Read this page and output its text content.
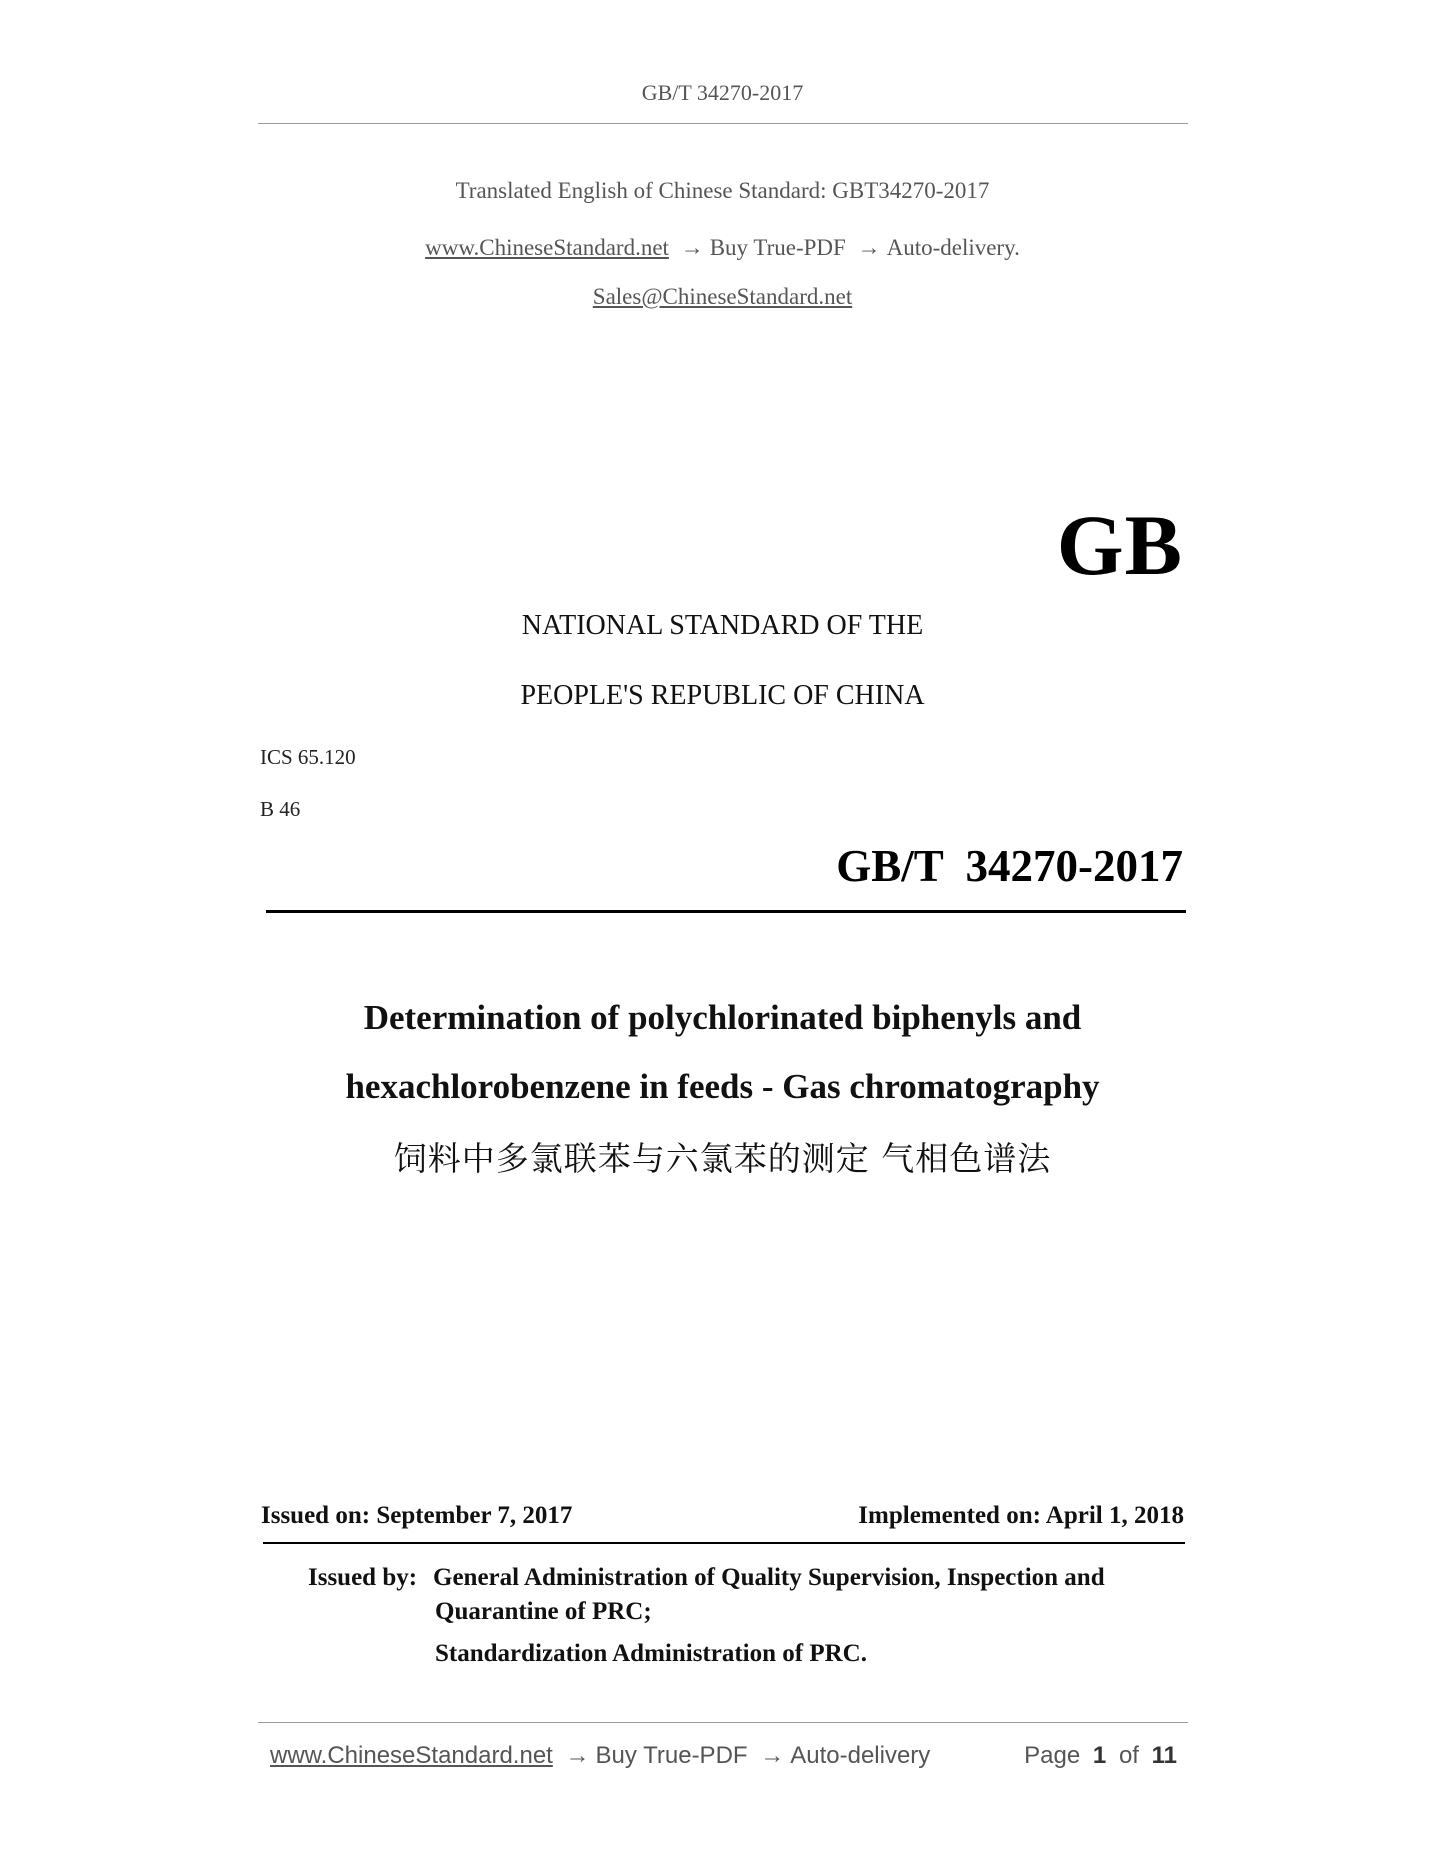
GB/T 34270-2017
Translated English of Chinese Standard: GBT34270-2017
www.ChineseStandard.net → Buy True-PDF → Auto-delivery.
Sales@ChineseStandard.net
GB
NATIONAL STANDARD OF THE
PEOPLE'S REPUBLIC OF CHINA
ICS 65.120
B 46
GB/T  34270-2017
Determination of polychlorinated biphenyls and
hexachlorobenzene in feeds - Gas chromatography
饲料中多氯联苯与六氯苯的测定 气相色谱法
Issued on: September 7, 2017	Implemented on: April 1, 2018
Issued by: General Administration of Quality Supervision, Inspection and
Quarantine of PRC;
Standardization Administration of PRC.
www.ChineseStandard.net → Buy True-PDF → Auto-delivery	Page 1 of 11
